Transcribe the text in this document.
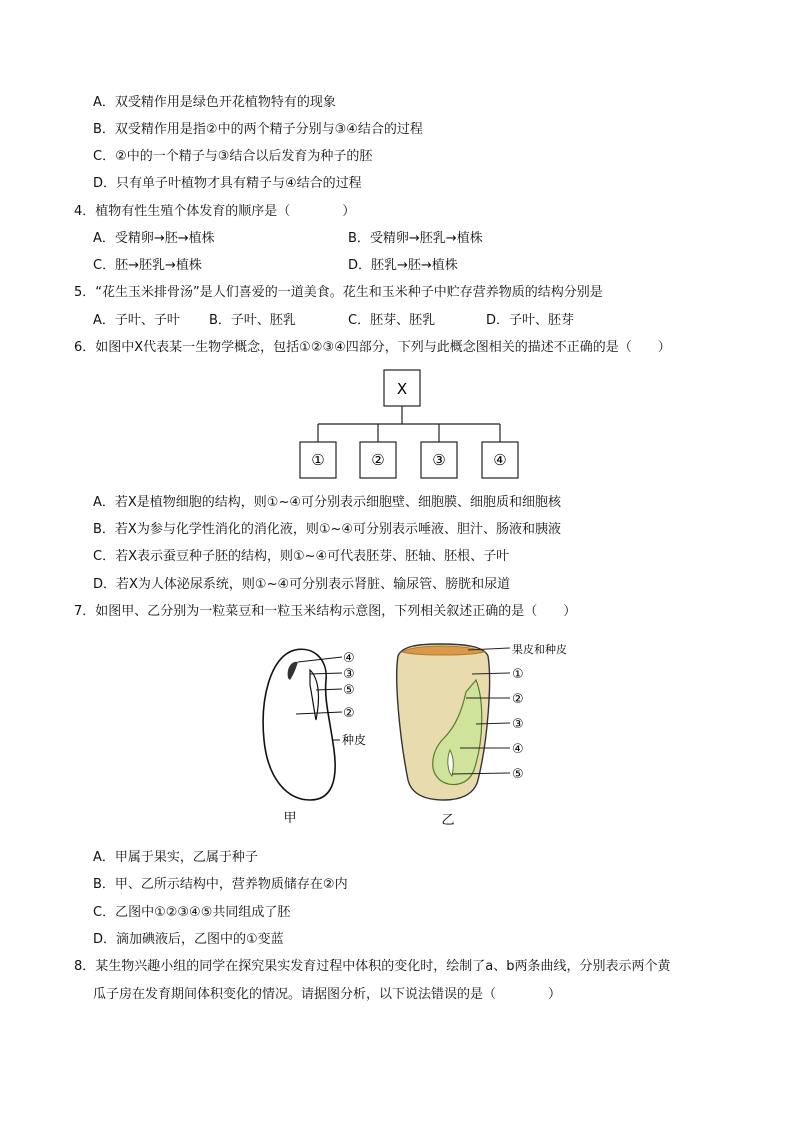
A．双受精作用是绿色开花植物特有的现象
B．双受精作用是指②中的两个精子分别与③④结合的过程
C．②中的一个精子与③结合以后发育为种子的胚
D．只有单子叶植物才具有精子与④结合的过程
4．植物有性生殖个体发育的顺序是（　　　　）
A．受精卵→胚→植株	B．受精卵→胚乳→植株
C．胚→胚乳→植株	D．胚乳→胚→植株
5．“花生玉米排骨汤”是人们喜爱的一道美食。花生和玉米种子中贮存营养物质的结构分别是
A．子叶、子叶 B．子叶、胚乳	C．胚芽、胚乳	D．子叶、胚芽
6．如图中X代表某一生物学概念，包括①②③④四部分，下列与此概念图相关的描述不正确的是（　　）
X
①	②	③	④
A．若X是植物细胞的结构，则①~④可分别表示细胞壁、细胞膜、细胞质和细胞核
B．若X为参与化学性消化的消化液，则①~④可分别表示唾液、胆汁、肠液和胰液
C．若X表示蚕豆种子胚的结构，则①~④可代表胚芽、胚轴、胚根、子叶
D．若X为人体泌尿系统，则①~④可分别表示肾脏、输尿管、膀胱和尿道
7．如图甲、乙分别为一粒菜豆和一粒玉米结构示意图，下列相关叙述正确的是（　　）
④
③
⑤
②
种皮
甲
果皮和种皮
①
②
③
④
⑤
乙
A．甲属于果实，乙属于种子
B．甲、乙所示结构中，营养物质储存在②内
C．乙图中①②③④⑤共同组成了胚
D．滴加碘液后，乙图中的①变蓝
8．某生物兴趣小组的同学在探究果实发育过程中体积的变化时，绘制了a、b两条曲线，分别表示两个黄
瓜子房在发育期间体积变化的情况。请据图分析，以下说法错误的是（　　　　）
